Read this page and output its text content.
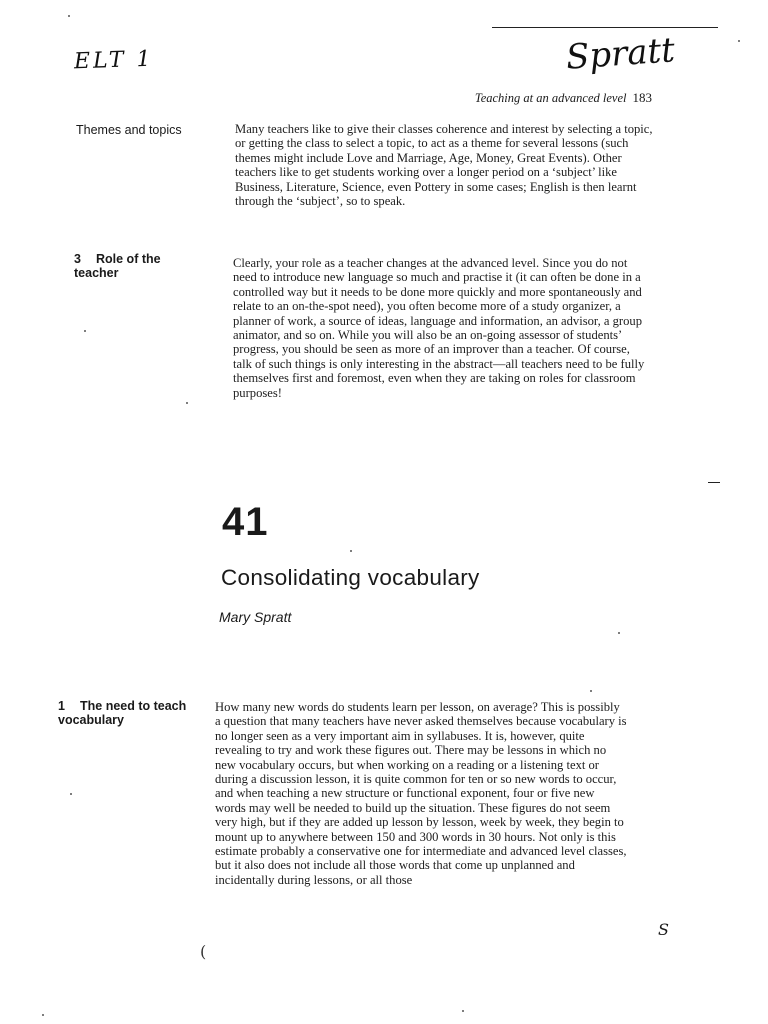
ELT 1	Spratt
Teaching at an advanced level 183
Themes and topics	Many teachers like to give their classes coherence and interest by selecting a topic, or getting the class to select a topic, to act as a theme for several lessons (such themes might include Love and Marriage, Age, Money, Great Events). Other teachers like to get students working over a longer period on a ‘subject’ like Business, Literature, Science, even Pottery in some cases; English is then learnt through the ‘subject’, so to speak.
3 Role of the teacher
Clearly, your role as a teacher changes at the advanced level. Since you do not need to introduce new language so much and practise it (it can often be done in a controlled way but it needs to be done more quickly and more spontaneously and relate to an on-the-spot need), you often become more of a study organizer, a planner of work, a source of ideas, language and information, an advisor, a group animator, and so on. While you will also be an on-going assessor of students’ progress, you should be seen as more of an improver than a teacher. Of course, talk of such things is only interesting in the abstract—all teachers need to be fully themselves first and foremost, even when they are taking on roles for classroom purposes!
41
Consolidating vocabulary
Mary Spratt
1 The need to teach vocabulary
How many new words do students learn per lesson, on average? This is possibly a question that many teachers have never asked themselves because vocabulary is no longer seen as a very important aim in syllabuses. It is, however, quite revealing to try and work these figures out. There may be lessons in which no new vocabulary occurs, but when working on a reading or a listening text or during a discussion lesson, it is quite common for ten or so new words to occur, and when teaching a new structure or functional exponent, four or five new words may well be needed to build up the situation. These figures do not seem very high, but if they are added up lesson by lesson, week by week, they begin to mount up to anywhere between 150 and 300 words in 30 hours. Not only is this estimate probably a conservative one for intermediate and advanced level classes, but it also does not include all those words that come up unplanned and incidentally during lessons, or all those
S
(
